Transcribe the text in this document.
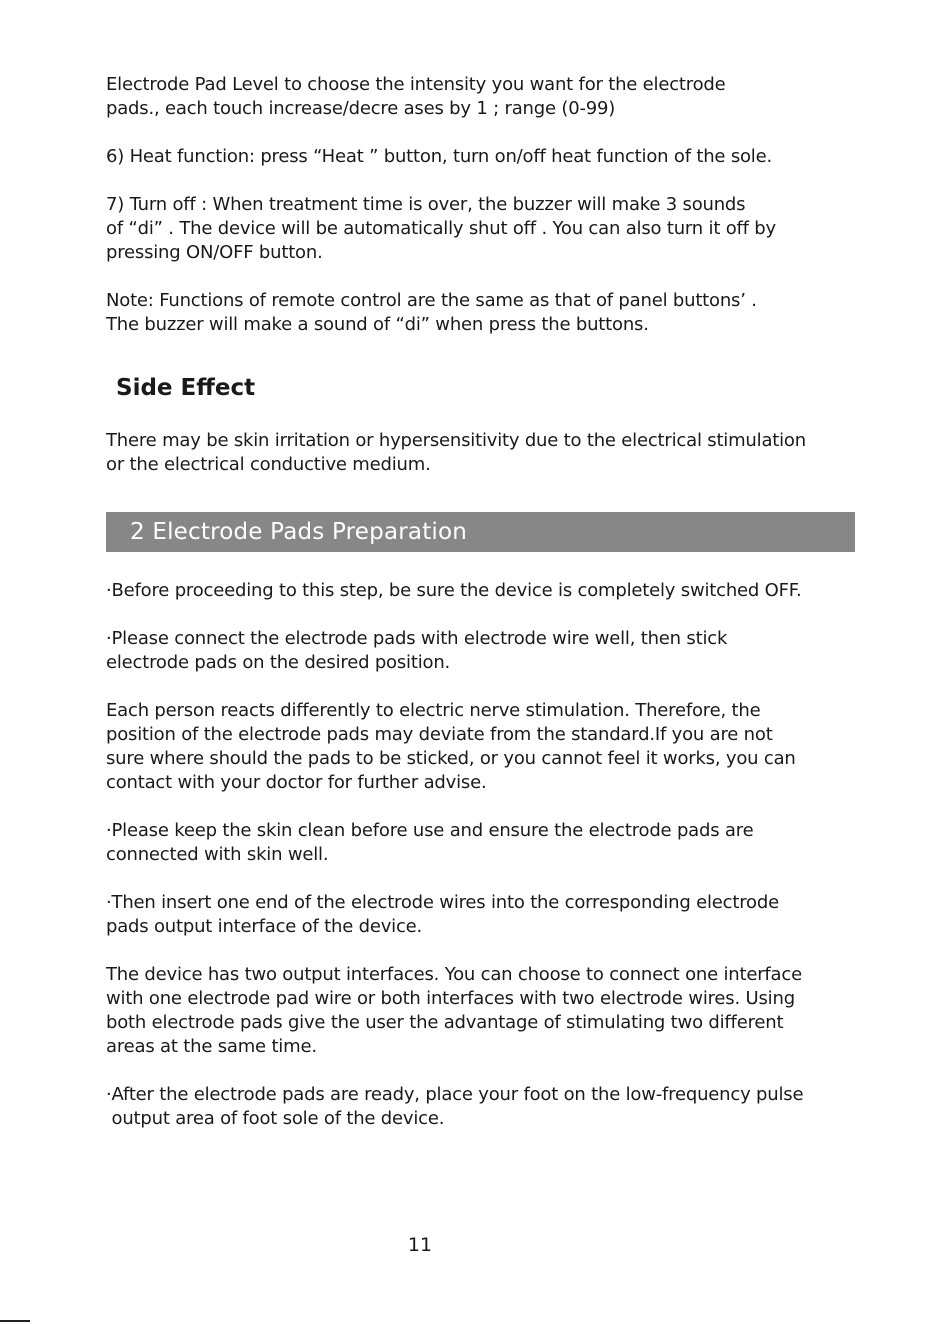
Electrode Pad Level to choose the intensity you want for the electrode
pads., each touch increase/decre ases by 1 ; range (0-99)
6) Heat function: press “Heat ” button, turn on/off heat function of the sole.
7) Turn off : When treatment time is over, the buzzer will make 3 sounds
of “di” . The device will be automatically shut off . You can also turn it off by
pressing ON/OFF button.
Note: Functions of remote control are the same as that of panel buttons’ .
The buzzer will make a sound of “di” when press the buttons.
Side Effect
There may be skin irritation or hypersensitivity due to the electrical stimulation
or the electrical conductive medium.
2 Electrode Pads Preparation
·Before proceeding to this step, be sure the device is completely switched OFF.
·Please connect the electrode pads with electrode wire well, then stick
electrode pads on the desired position.
Each person reacts differently to electric nerve stimulation. Therefore, the
position of the electrode pads may deviate from the standard.If you are not
sure where should the pads to be sticked, or you cannot feel it works, you can
contact with your doctor for further advise.
·Please keep the skin clean before use and ensure the electrode pads are
connected with skin well.
·Then insert one end of the electrode wires into the corresponding electrode
pads output interface of the device.
The device has two output interfaces. You can choose to connect one interface
with one electrode pad wire or both interfaces with two electrode wires. Using
both electrode pads give the user the advantage of stimulating two different
areas at the same time.
·After the electrode pads are ready, place your foot on the low-frequency pulse
output area of foot sole of the device.
11
